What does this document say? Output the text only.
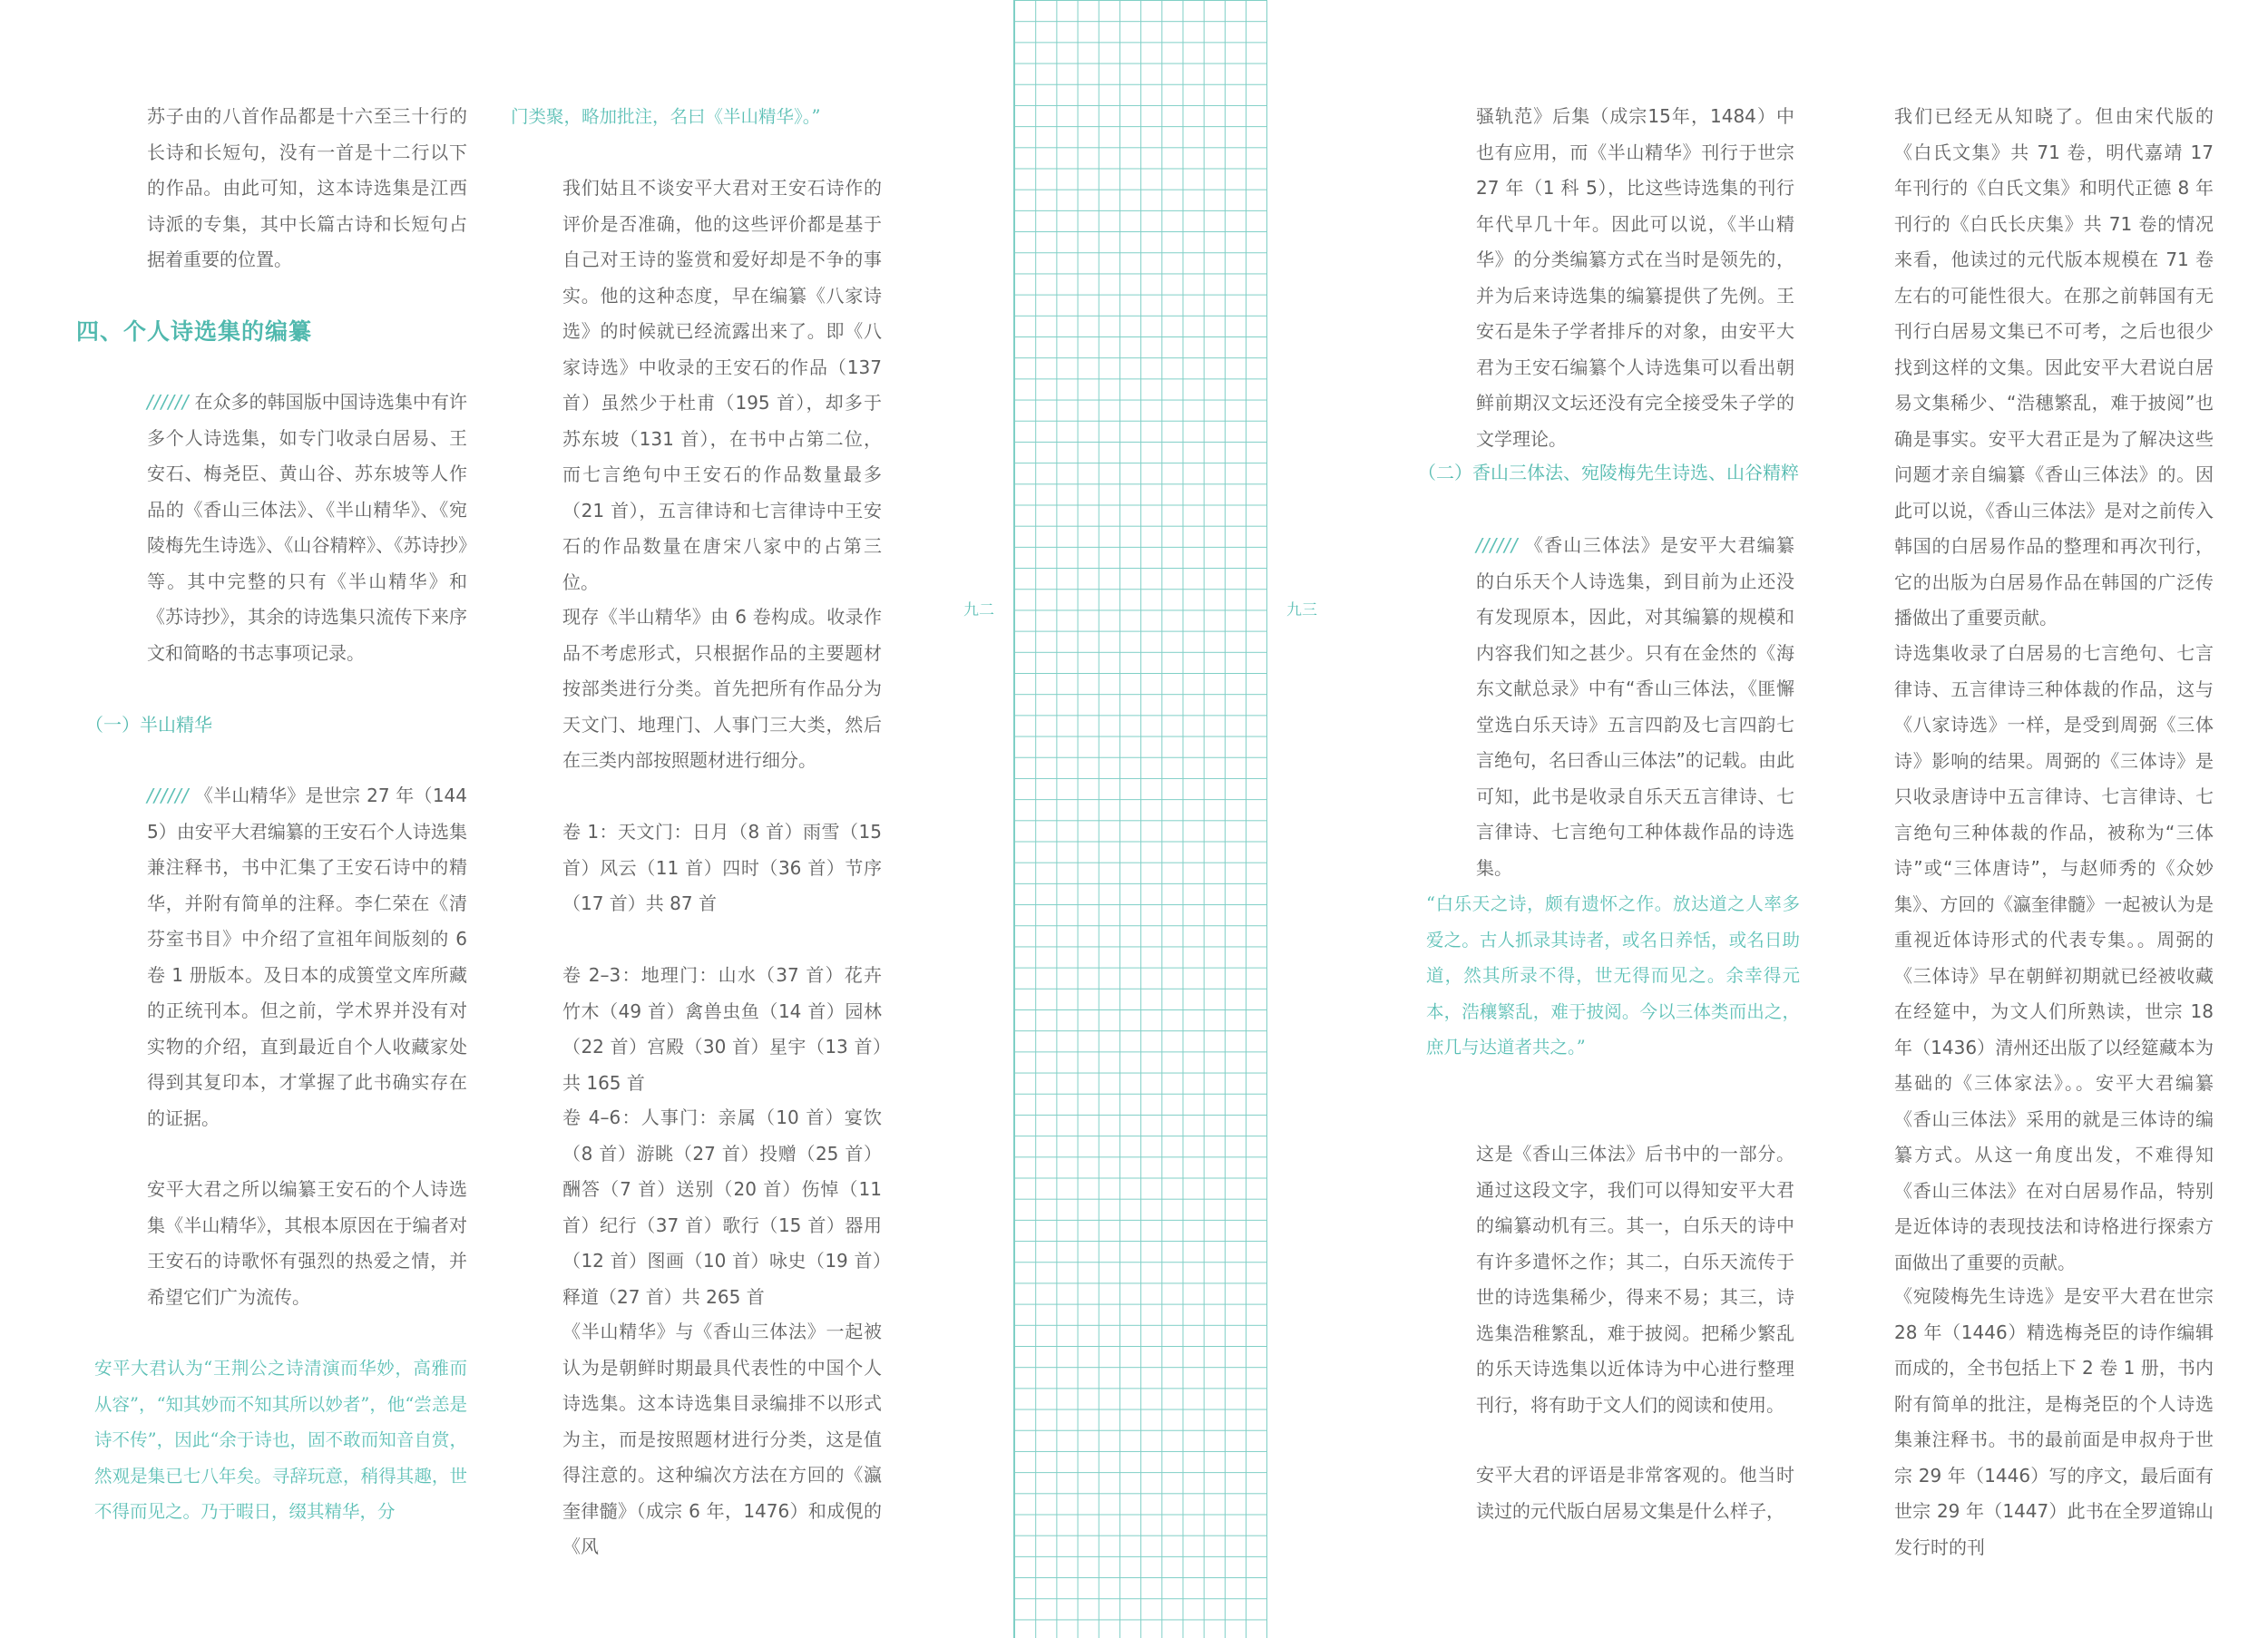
苏子由的八首作品都是十六至三十行的长诗和长短句，没有一首是十二行以下的作品。由此可知，这本诗选集是江西诗派的专集，其中长篇古诗和长短句占据着重要的位置。

四、个人诗选集的编纂

////// 在众多的韩国版中国诗选集中有许多个人诗选集，如专门收录白居易、王安石、梅尧臣、黄山谷、苏东坡等人作品的《香山三体法》、《半山精华》、《宛陵梅先生诗选》、《山谷精粹》、《苏诗抄》等。其中完整的只有《半山精华》和《苏诗抄》，其余的诗选集只流传下来序文和简略的书志事项记录。

（一）半山精华

////// 《半山精华》是世宗 27 年（1445）由安平大君编纂的王安石个人诗选集兼注释书，书中汇集了王安石诗中的精华，并附有简单的注释。李仁荣在《清芬室书目》中介绍了宣祖年间版刻的 6 卷 1 册版本。及日本的成篑堂文库所藏的正统刊本。但之前，学术界并没有对实物的介绍，直到最近自个人收藏家处得到其复印本，才掌握了此书确实存在的证据。

安平大君之所以编纂王安石的个人诗选集《半山精华》，其根本原因在于编者对王安石的诗歌怀有强烈的热爱之情，并希望它们广为流传。

安平大君认为“王荆公之诗清演而华妙，高雅而从容”，“知其妙而不知其所以妙者”，他“尝恙是诗不传”，因此“余于诗也，固不敢而知音自赏，然观是集已七八年矣。寻辞玩意，稍得其趣，世不得而见之。乃于暇日，缀其精华，分

门类聚，略加批注，名曰《半山精华》。”

我们姑且不谈安平大君对王安石诗作的评价是否准确，他的这些评价都是基于自己对王诗的鉴赏和爱好却是不争的事实。他的这种态度，早在编纂《八家诗选》的时候就已经流露出来了。即《八家诗选》中收录的王安石的作品（137 首）虽然少于杜甫（195 首），却多于苏东坡（131 首），在书中占第二位，而七言绝句中王安石的作品数量最多（21 首），五言律诗和七言律诗中王安石的作品数量在唐宋八家中的占第三位。

现存《半山精华》由 6 卷构成。收录作品不考虑形式，只根据作品的主要题材按部类进行分类。首先把所有作品分为天文门、地理门、人事门三大类，然后在三类内部按照题材进行细分。

卷 1：天文门：日月（8 首）雨雪（15 首）风云（11 首）四时（36 首）节序（17 首）共 87 首

卷 2–3：地理门：山水（37 首）花卉竹木（49 首）禽兽虫鱼（14 首）园林（22 首）宫殿（30 首）星宇（13 首）共 165 首

卷 4–6：人事门：亲属（10 首）宴饮（8 首）游眺（27 首）投赠（25 首）酬答（7 首）送别（20 首）伤悼（11 首）纪行（37 首）歌行（15 首）器用（12 首）图画（10 首）咏史（19 首）释道（27 首）共 265 首

《半山精华》与《香山三体法》一起被认为是朝鲜时期最具代表性的中国个人诗选集。这本诗选集目录编排不以形式为主，而是按照题材进行分类，这是值得注意的。这种编次方法在方回的《瀛奎律髓》（成宗 6 年，1476）和成俔的《风

九二	九三

骚轨范》后集（成宗15年，1484）中也有应用，而《半山精华》刊行于世宗 27 年（1 科 5），比这些诗选集的刊行年代早几十年。因此可以说，《半山精华》的分类编纂方式在当时是领先的，并为后来诗选集的编纂提供了先例。王安石是朱子学者排斥的对象，由安平大君为王安石编纂个人诗选集可以看出朝鲜前期汉文坛还没有完全接受朱子学的文学理论。

（二）香山三体法、宛陵梅先生诗选、山谷精粹

////// 《香山三体法》是安平大君编纂的白乐天个人诗选集，到目前为止还没有发现原本，因此，对其编纂的规模和内容我们知之甚少。只有在金烋的《海东文献总录》中有“香山三体法，《匪懈堂选白乐天诗》五言四韵及七言四韵七言绝句，名曰香山三体法”的记载。由此可知，此书是收录自乐天五言律诗、七言律诗、七言绝句工种体裁作品的诗选集。

“白乐天之诗，颇有遗怀之作。放达道之人率多爱之。古人抓录其诗者，或名日养恬，或名日助道，然其所录不得，世无得而见之。余幸得元本，浩穰繁乱，难于披阅。今以三体类而出之，庶几与达道者共之。”

这是《香山三体法》后书中的一部分。通过这段文字，我们可以得知安平大君的编纂动机有三。其一，白乐天的诗中有许多遣怀之作；其二，白乐天流传于世的诗选集稀少，得来不易；其三，诗选集浩稚繁乱，难于披阅。把稀少繁乱的乐天诗选集以近体诗为中心进行整理刊行，将有助于文人们的阅读和使用。

安平大君的评语是非常客观的。他当时读过的元代版白居易文集是什么样子，

我们已经无从知晓了。但由宋代版的《白氏文集》共 71 卷，明代嘉靖 17 年刊行的《白氏文集》和明代正德 8 年刊行的《白氏长庆集》共 71 卷的情况来看，他读过的元代版本规模在 71 卷左右的可能性很大。在那之前韩国有无刊行白居易文集已不可考，之后也很少找到这样的文集。因此安平大君说白居易文集稀少、“浩穗繁乱，难于披阅”也确是事实。安平大君正是为了解决这些问题才亲自编纂《香山三体法》的。因此可以说，《香山三体法》是对之前传入韩国的白居易作品的整理和再次刊行，它的出版为白居易作品在韩国的广泛传播做出了重要贡献。

诗选集收录了白居易的七言绝句、七言律诗、五言律诗三种体裁的作品，这与《八家诗选》一样，是受到周弼《三体诗》影响的结果。周弼的《三体诗》是只收录唐诗中五言律诗、七言律诗、七言绝句三种体裁的作品，被称为“三体诗”或“三体唐诗”，与赵师秀的《众妙集》、方回的《瀛奎律髓》一起被认为是重视近体诗形式的代表专集。。周弼的《三体诗》早在朝鲜初期就已经被收藏在经筵中，为文人们所熟读，世宗 18 年（1436）清州还出版了以经筵藏本为基础的《三体家法》。。安平大君编纂《香山三体法》采用的就是三体诗的编纂方式。从这一角度出发，不难得知《香山三体法》在对白居易作品，特别是近体诗的表现技法和诗格进行探索方面做出了重要的贡献。

《宛陵梅先生诗选》是安平大君在世宗 28 年（1446）精选梅尧臣的诗作编辑而成的，全书包括上下 2 卷 1 册，书内附有简单的批注，是梅尧臣的个人诗选集兼注释书。书的最前面是申叔舟于世宗 29 年（1446）写的序文，最后面有世宗 29 年（1447）此书在全罗道锦山发行时的刊
